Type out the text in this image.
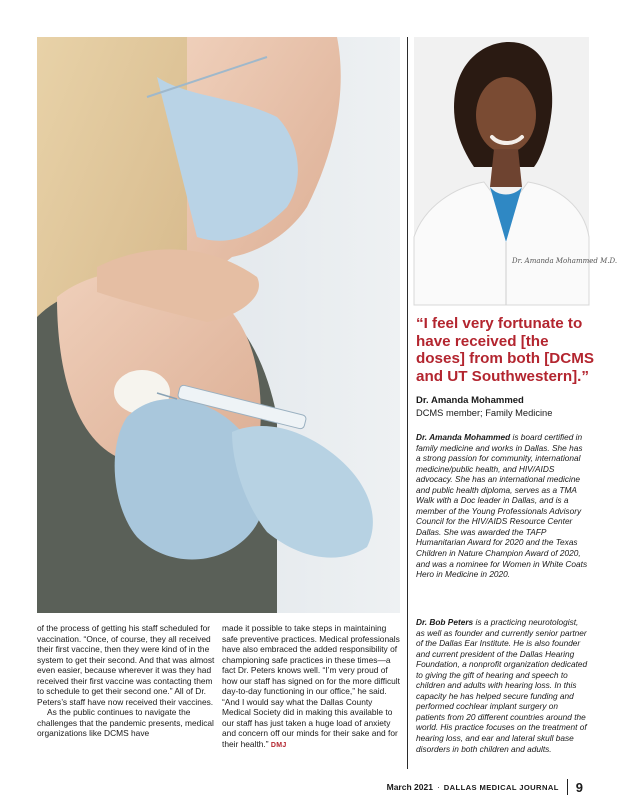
Dr. Amanda Mohammed M.D.

“I feel very fortunate to have received [the doses] from both [DCMS and UT Southwestern].”

Dr. Amanda Mohammed

DCMS member; Family Medicine

Dr. Amanda Mohammed is board certified in family medicine and works in Dallas. She has a strong passion for community, international medicine/public health, and HIV/AIDS advocacy. She has an international medicine and public health diploma, serves as a TMA Walk with a Doc leader in Dallas, and is a member of the Young Professionals Advisory Council for the HIV/AIDS Resource Center Dallas. She was awarded the TAFP Humanitarian Award for 2020 and the Texas Children in Nature Champion Award of 2020, and was a nominee for Women in White Coats Hero in Medicine in 2020.

Dr. Bob Peters is a practicing neurotologist, as well as founder and currently senior partner of the Dallas Ear Institute. He is also founder and current president of the Dallas Hearing Foundation, a nonprofit organization dedicated to giving the gift of hearing and speech to children and adults with hearing loss. In this capacity he has helped secure funding and performed cochlear implant surgery on patients from 20 different countries around the world. His practice focuses on the treatment of hearing loss, and ear and lateral skull base disorders in both children and adults.

of the process of getting his staff scheduled for vaccination. “Once, of course, they all received their first vaccine, then they were kind of in the system to get their second. And that was almost even easier, because wherever it was they had received their first vaccine was contacting them to schedule to get their second one.” All of Dr. Peters’s staff have now received their vaccines.

As the public continues to navigate the challenges that the pandemic presents, medical organizations like DCMS have

made it possible to take steps in maintaining safe preventive practices. Medical professionals have also embraced the added responsibility of championing safe practices in these times—a fact Dr. Peters knows well. “I’m very proud of how our staff has signed on for the more difficult day-to-day functioning in our office,” he said. “And I would say what the Dallas County Medical Society did in making this available to our staff has just taken a huge load of anxiety and concern off our minds for their sake and for their health.” DMJ

March 2021 · DALLAS MEDICAL JOURNAL 9
